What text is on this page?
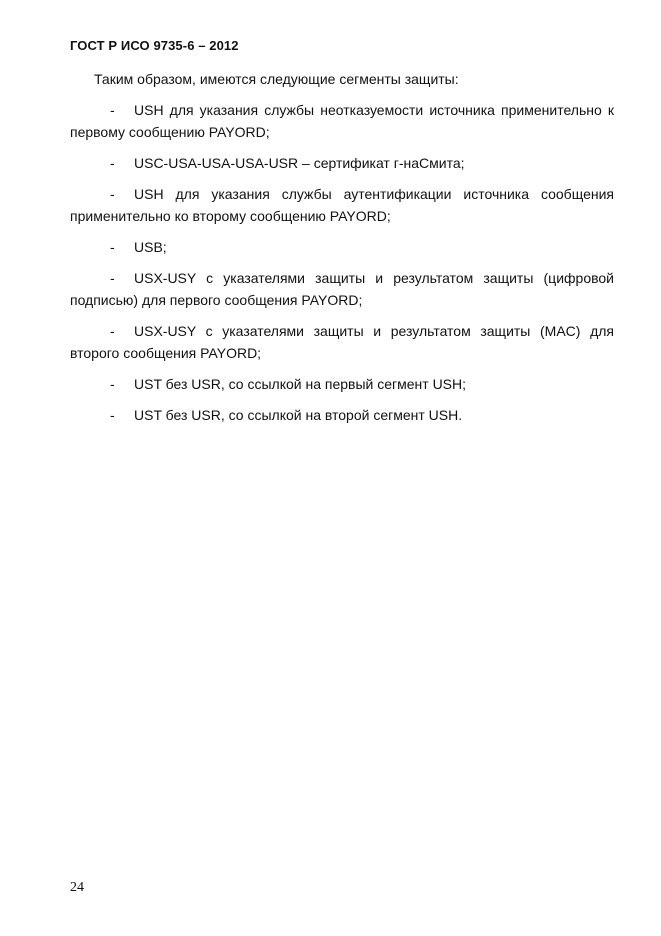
ГОСТ Р ИСО 9735-6 – 2012

Таким образом, имеются следующие сегменты защиты:

- USH для указания службы неотказуемости источника применительно к первому сообщению PAYORD;

- USC-USA-USA-USA-USR – сертификат г-наСмита;

- USH для указания службы аутентификации источника сообщения применительно ко второму сообщению PAYORD;

- USB;

- USX-USY с указателями защиты и результатом защиты (цифровой подписью) для первого сообщения PAYORD;

- USX-USY с указателями защиты и результатом защиты (MAC) для второго сообщения PAYORD;

- UST без USR, со ссылкой на первый сегмент USH;

- UST без USR, со ссылкой на второй сегмент USH.

24
